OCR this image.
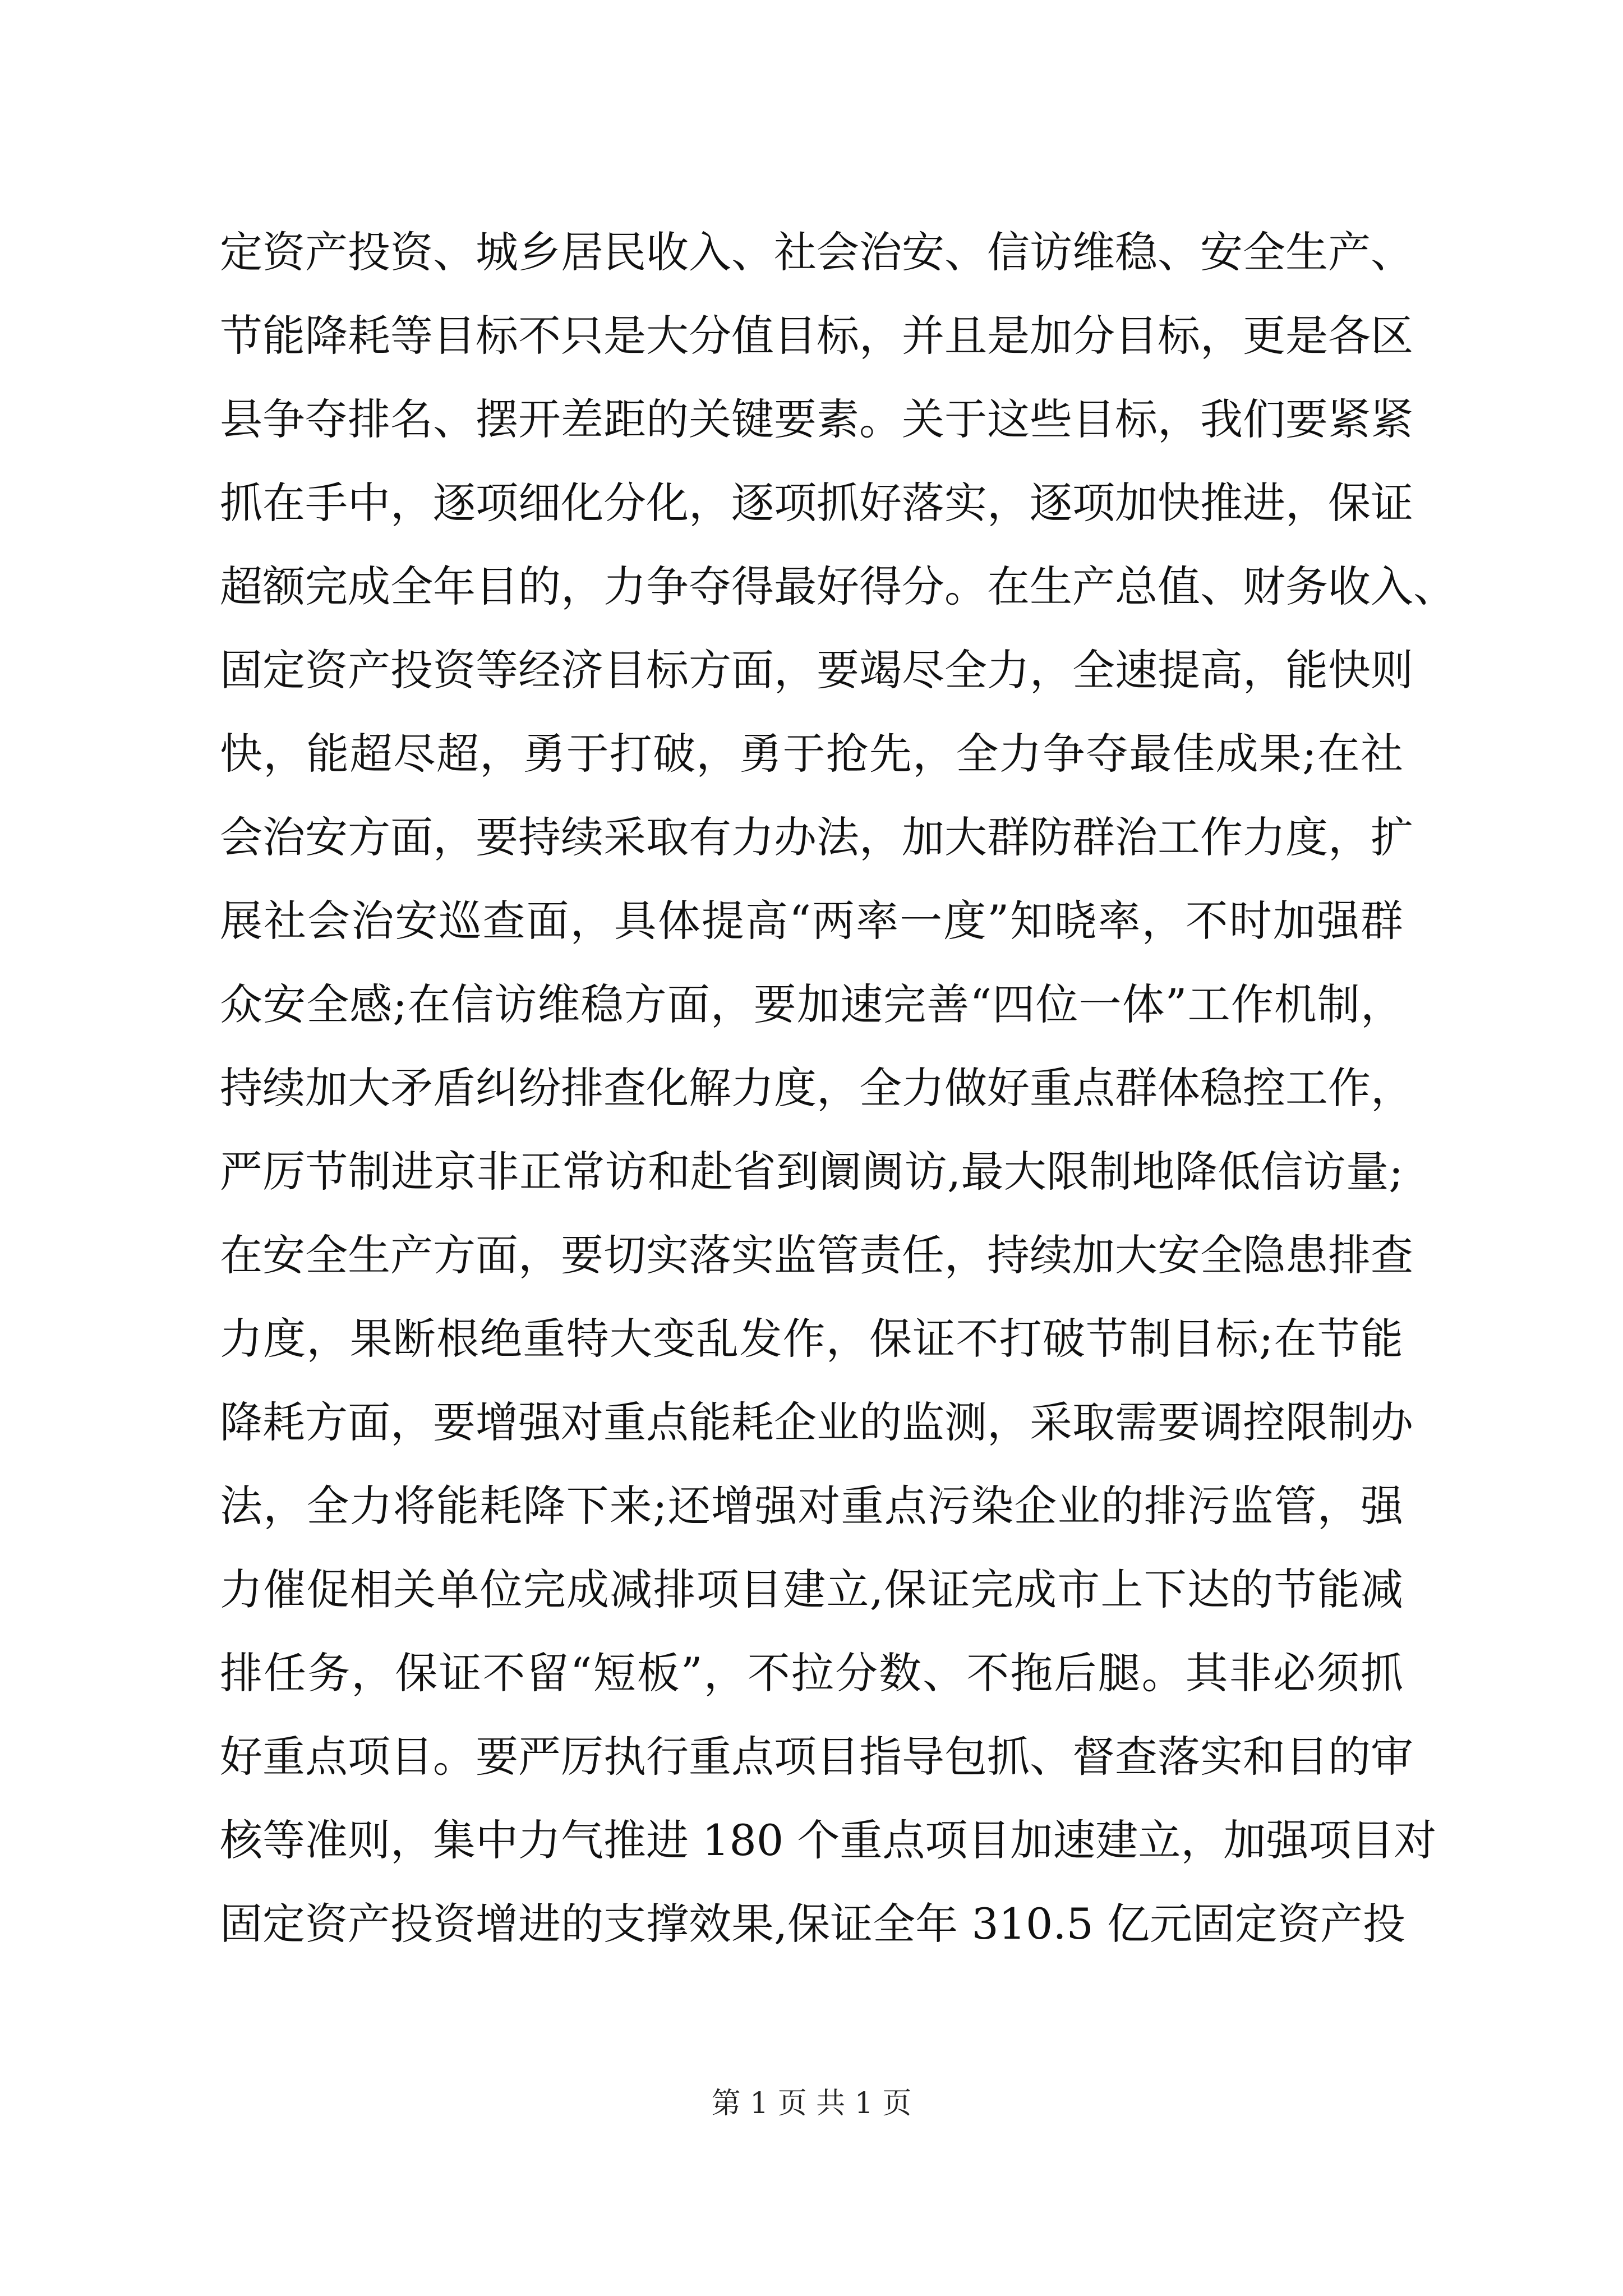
定资产投资、城乡居民收入、社会治安、信访维稳、安全生产、
节能降耗等目标不只是大分值目标，并且是加分目标，更是各区
县争夺排名、摆开差距的关键要素。关于这些目标，我们要紧紧
抓在手中，逐项细化分化，逐项抓好落实，逐项加快推进，保证
超额完成全年目的，力争夺得最好得分。在生产总值、财务收入、
固定资产投资等经济目标方面，要竭尽全力，全速提高，能快则
快，能超尽超，勇于打破，勇于抢先，全力争夺最佳成果;在社
会治安方面，要持续采取有力办法，加大群防群治工作力度，扩
展社会治安巡查面，具体提高“两率一度”知晓率，不时加强群
众安全感;在信访维稳方面，要加速完善“四位一体”工作机制，
持续加大矛盾纠纷排查化解力度，全力做好重点群体稳控工作，
严厉节制进京非正常访和赴省到阛阓访,最大限制地降低信访量;
在安全生产方面，要切实落实监管责任，持续加大安全隐患排查
力度，果断根绝重特大变乱发作，保证不打破节制目标;在节能
降耗方面，要增强对重点能耗企业的监测，采取需要调控限制办
法，全力将能耗降下来;还增强对重点污染企业的排污监管，强
力催促相关单位完成减排项目建立,保证完成市上下达的节能减
排任务，保证不留“短板”，不拉分数、不拖后腿。其非必须抓
好重点项目。要严厉执行重点项目指导包抓、督查落实和目的审
核等准则，集中力气推进 180 个重点项目加速建立，加强项目对
固定资产投资增进的支撑效果,保证全年 310.5 亿元固定资产投
第 1 页 共 1 页
